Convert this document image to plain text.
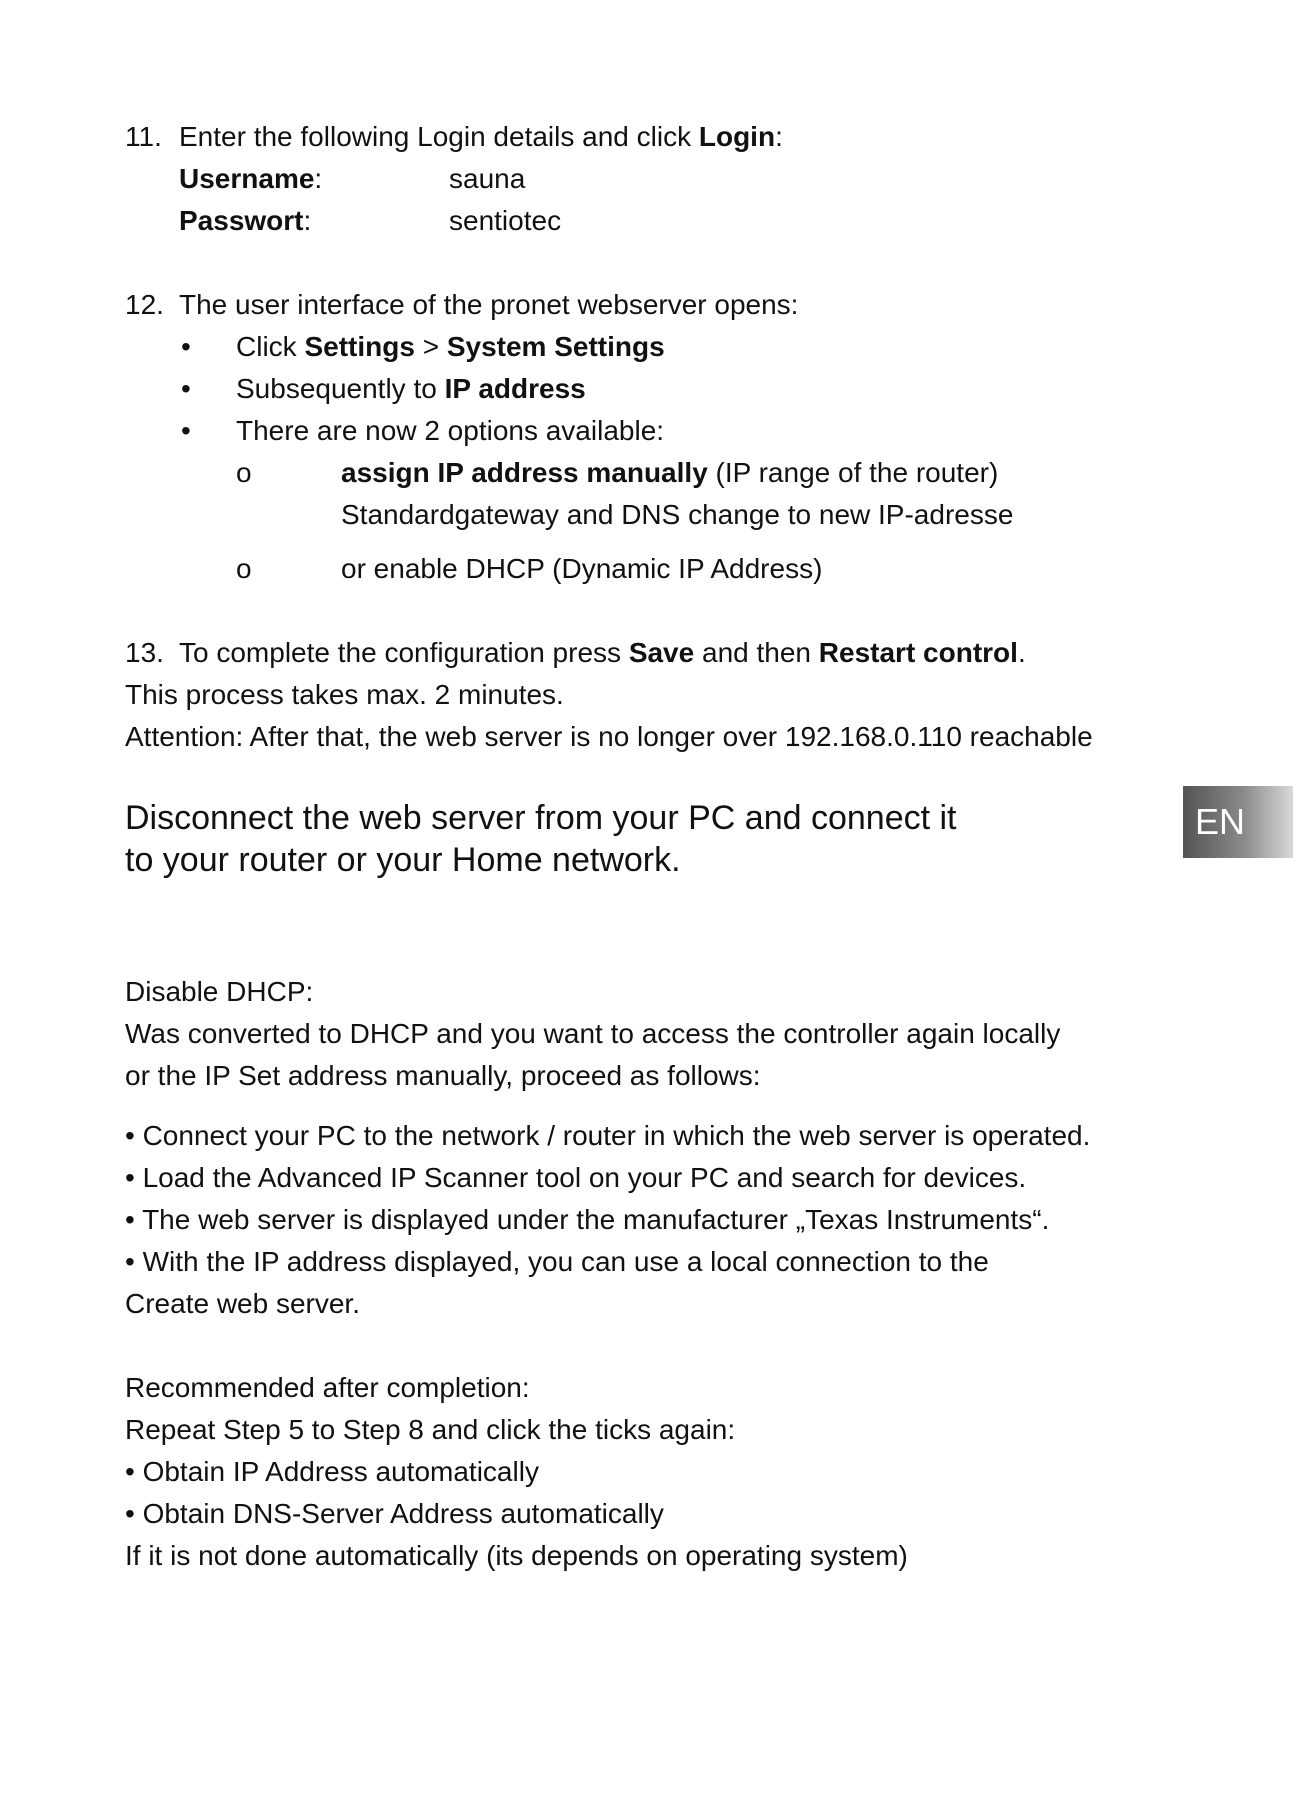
11. Enter the following Login details and click Login:
Username:	sauna
Passwort:	sentiotec
12. The user interface of the pronet webserver opens:
• Click Settings > System Settings
• Subsequently to IP address
• There are now 2 options available:
o	assign IP address manually (IP range of the router)
Standardgateway and DNS change to new IP-adresse
o	or enable DHCP (Dynamic IP Address)
13. To complete the configuration press Save and then Restart control.
This process takes max. 2 minutes.
Attention: After that, the web server is no longer over 192.168.0.110 reachable
Disconnect the web server from your PC and connect it
to your router or your Home network.
EN
Disable DHCP:
Was converted to DHCP and you want to access the controller again locally
or the IP Set address manually, proceed as follows:
• Connect your PC to the network / router in which the web server is operated.
• Load the Advanced IP Scanner tool on your PC and search for devices.
• The web server is displayed under the manufacturer „Texas Instruments“.
• With the IP address displayed, you can use a local connection to the
Create web server.
Recommended after completion:
Repeat Step 5 to Step 8 and click the ticks again:
• Obtain IP Address automatically
• Obtain DNS-Server Address automatically
If it is not done automatically (its depends on operating system)
